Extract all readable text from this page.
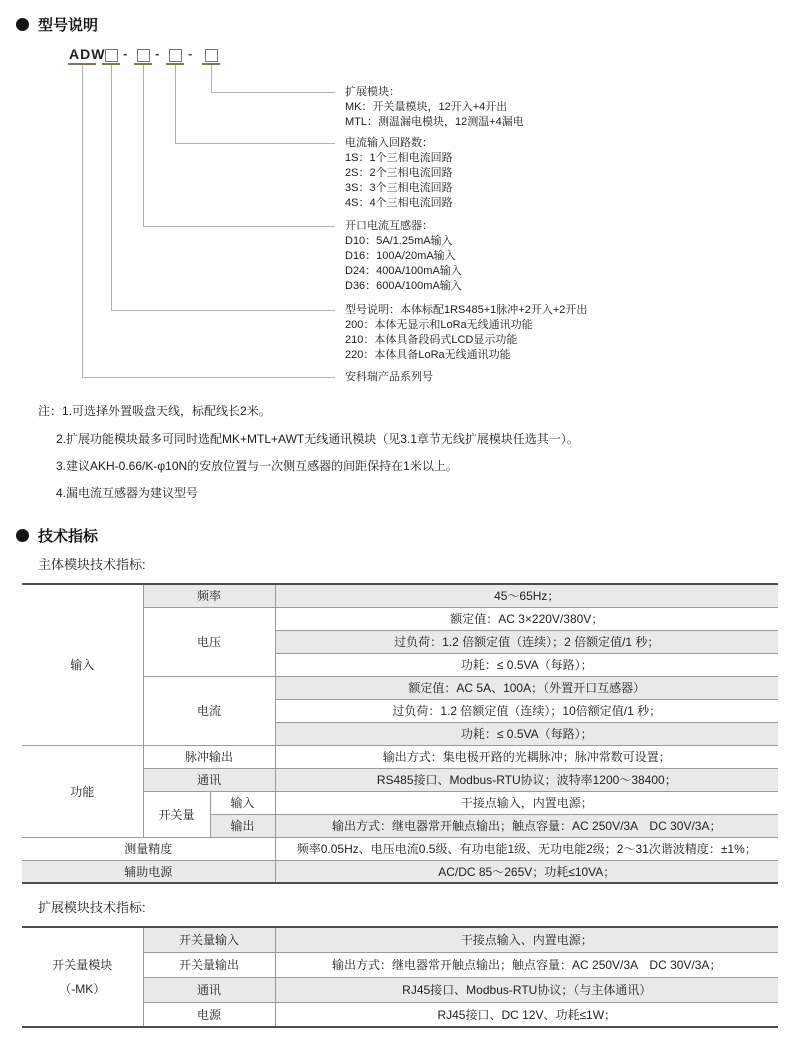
型号说明
ADW - - -
扩展模块：
MK：开关量模块，12开入+4开出
MTL：测温漏电模块，12测温+4漏电
电流输入回路数：
1S：1个三相电流回路
2S：2个三相电流回路
3S：3个三相电流回路
4S：4个三相电流回路
开口电流互感器：
D10：5A/1.25mA输入
D16：100A/20mA输入
D24：400A/100mA输入
D36：600A/100mA输入
型号说明：本体标配1RS485+1脉冲+2开入+2开出
200：本体无显示和LoRa无线通讯功能
210：本体具备段码式LCD显示功能
220：本体具备LoRa无线通讯功能
安科瑞产品系列号
注：1.可选择外置吸盘天线，标配线长2米。
2.扩展功能模块最多可同时选配MK+MTL+AWT无线通讯模块（见3.1章节无线扩展模块任选其一）。
3.建议AKH-0.66/K-φ10N的安放位置与一次侧互感器的间距保持在1米以上。
4.漏电流互感器为建议型号
技术指标
主体模块技术指标:
输入	频率		45～65Hz；
	电压		额定值：AC 3×220V/380V；
			过负荷：1.2 倍额定值（连续）；2 倍额定值/1 秒；
			功耗：≤ 0.5VA（每路）；
	电流		额定值：AC 5A、100A；（外置开口互感器）
			过负荷：1.2 倍额定值（连续）；10倍额定值/1 秒；
			功耗：≤ 0.5VA（每路）；
功能	脉冲输出		输出方式：集电极开路的光耦脉冲；脉冲常数可设置；
	通讯		RS485接口、Modbus-RTU协议；波特率1200～38400；
	开关量	输入	干接点输入，内置电源；
		输出	输出方式：继电器常开触点输出；触点容量：AC 250V/3A　DC 30V/3A；
测量精度			频率0.05Hz、电压电流0.5级、有功电能1级、无功电能2级；2～31次谐波精度：±1%；
辅助电源			AC/DC 85～265V；功耗≤10VA；
扩展模块技术指标:
开关量模块
（-MK）	开关量输入	干接点输入、内置电源；
	开关量输出	输出方式：继电器常开触点输出；触点容量：AC 250V/3A　DC 30V/3A；
	通讯	RJ45接口、Modbus-RTU协议；（与主体通讯）
	电源	RJ45接口、DC 12V、功耗≤1W；
